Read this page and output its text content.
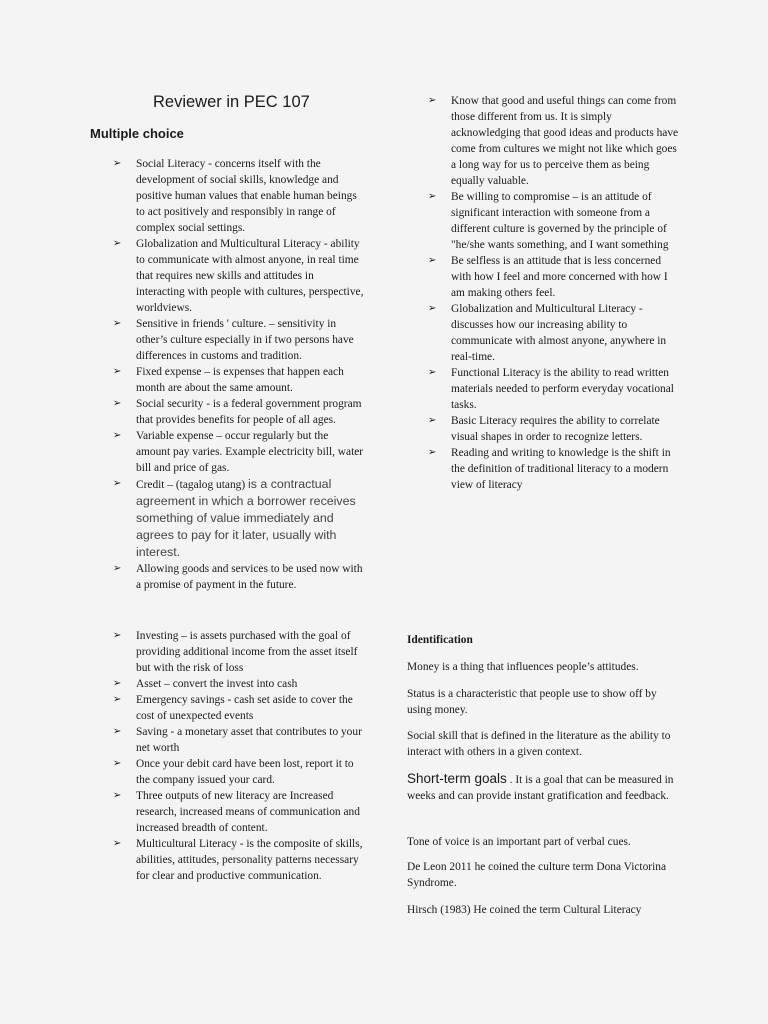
Reviewer in PEC 107
Multiple choice
➢ Social Literacy - concerns itself with the development of social skills, knowledge and positive human values that enable human beings to act positively and responsibly in range of complex social settings.
➢ Globalization and Multicultural Literacy - ability to communicate with almost anyone, in real time that requires new skills and attitudes in interacting with people with cultures, perspective, worldviews.
➢ Sensitive in friends ' culture. – sensitivity in other’s culture especially in if two persons have differences in customs and tradition.
➢ Fixed expense – is expenses that happen each month are about the same amount.
➢ Social security - is a federal government program that provides benefits for people of all ages.
➢ Variable expense – occur regularly but the amount pay varies. Example electricity bill, water bill and price of gas.
➢ Credit – (tagalog utang) is a contractual agreement in which a borrower receives something of value immediately and agrees to pay for it later, usually with interest.
➢ Allowing goods and services to be used now with a promise of payment in the future.
➢ Investing – is assets purchased with the goal of providing additional income from the asset itself but with the risk of loss
➢ Asset – convert the invest into cash
➢ Emergency savings - cash set aside to cover the cost of unexpected events
➢ Saving - a monetary asset that contributes to your net worth
➢ Once your debit card have been lost, report it to the company issued your card.
➢ Three outputs of new literacy are Increased research, increased means of communication and increased breadth of content.
➢ Multicultural Literacy - is the composite of skills, abilities, attitudes, personality patterns necessary for clear and productive communication.
➢ Know that good and useful things can come from those different from us. It is simply acknowledging that good ideas and products have come from cultures we might not like which goes a long way for us to perceive them as being equally valuable.
➢ Be willing to compromise – is an attitude of significant interaction with someone from a different culture is governed by the principle of "he/she wants something, and I want something
➢ Be selfless is an attitude that is less concerned with how I feel and more concerned with how I am making others feel.
➢ Globalization and Multicultural Literacy - discusses how our increasing ability to communicate with almost anyone, anywhere in real-time.
➢ Functional Literacy is the ability to read written materials needed to perform everyday vocational tasks.
➢ Basic Literacy requires the ability to correlate visual shapes in order to recognize letters.
➢ Reading and writing to knowledge is the shift in the definition of traditional literacy to a modern view of literacy
Identification

Money is a thing that influences people’s attitudes.

Status is a characteristic that people use to show off by using money.

Social skill that is defined in the literature as the ability to interact with others in a given context.

Short-term goals . It is a goal that can be measured in weeks and can provide instant gratification and feedback.

Tone of voice is an important part of verbal cues.

De Leon 2011 he coined the culture term Dona Victorina Syndrome.

Hirsch (1983) He coined the term Cultural Literacy
